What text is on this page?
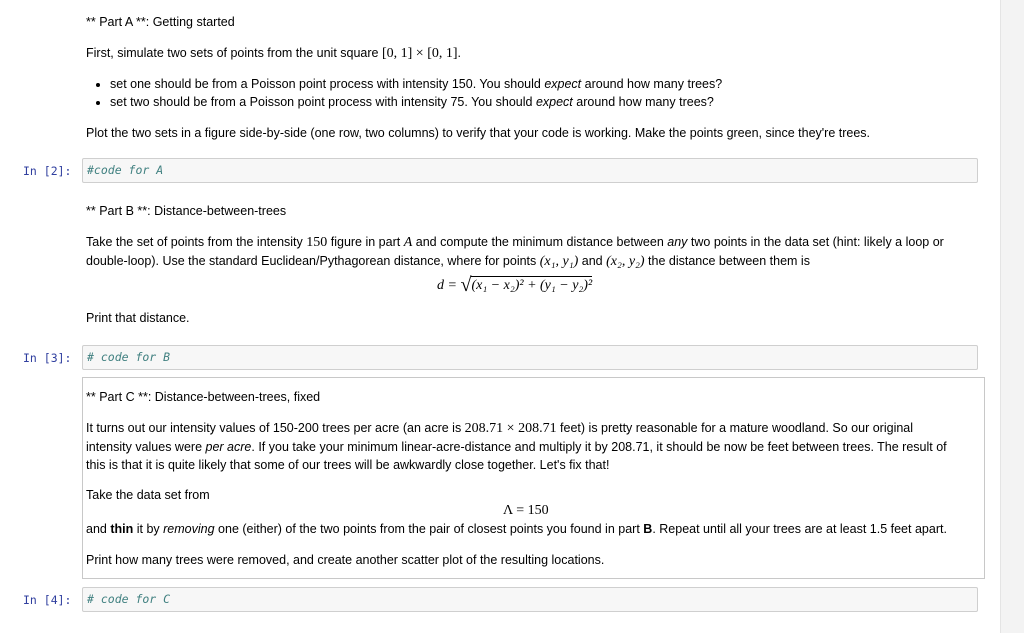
** Part A **: Getting started

First, simulate two sets of points from the unit square [0, 1] × [0, 1].

• set one should be from a Poisson point process with intensity 150. You should expect around how many trees?
• set two should be from a Poisson point process with intensity 75. You should expect around how many trees?

Plot the two sets in a figure side-by-side (one row, two columns) to verify that your code is working. Make the points green, since they're trees.

In [2]:	#code for A

** Part B **: Distance-between-trees

Take the set of points from the intensity 150 figure in part A and compute the minimum distance between any two points in the data set (hint: likely a loop or

double-loop). Use the standard Euclidean/Pythagorean distance, where for points (x₁, y₁) and (x₂, y₂) the distance between them is

d = √(x₁ − x₂)² + (y₁ − y₂)²
Print that distance.
In [3]:	# code for B

** Part C **: Distance-between-trees, fixed

It turns out our intensity values of 150-200 trees per acre (an acre is 208.71 × 208.71 feet) is pretty reasonable for a mature woodland. So our original

intensity values were per acre. If you take your minimum linear-acre-distance and multiply it by 208.71, it should be now be feet between trees. The result of

this is that it is quite likely that some of our trees will be awkwardly close together. Let's fix that!

Take the data set from

Λ = 150

and thin it by removing one (either) of the two points from the pair of closest points you found in part B. Repeat until all your trees are at least 1.5 feet apart.

Print how many trees were removed, and create another scatter plot of the resulting locations.

In [4]:	# code for C
